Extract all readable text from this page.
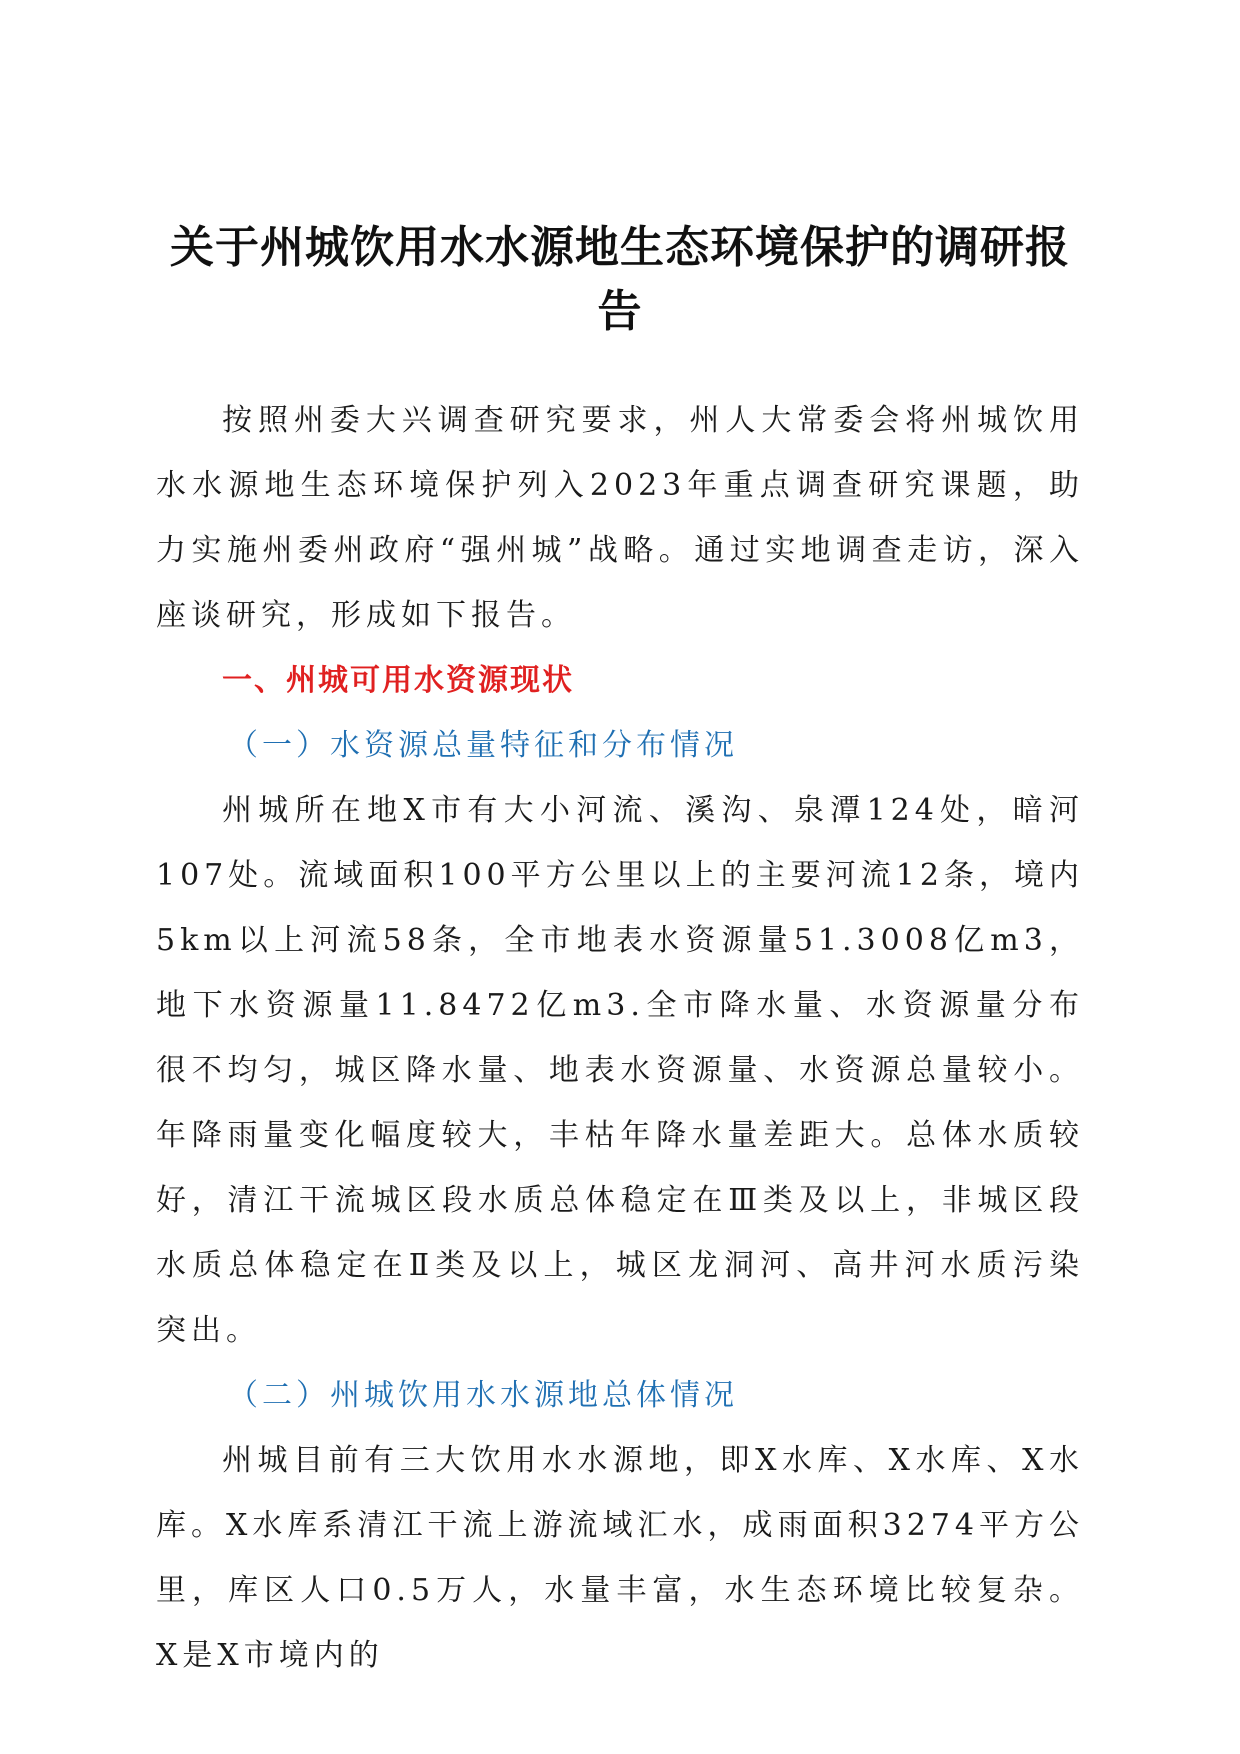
关于州城饮用水水源地生态环境保护的调研报告

按照州委大兴调查研究要求，州人大常委会将州城饮用水水源地生态环境保护列入2023年重点调查研究课题，助力实施州委州政府“强州城”战略。通过实地调查走访，深入座谈研究，形成如下报告。

一、州城可用水资源现状
（一）水资源总量特征和分布情况

州城所在地X市有大小河流、溪沟、泉潭124处，暗河107处。流域面积100平方公里以上的主要河流12条，境内5km以上河流58条，全市地表水资源量51.3008亿m3，地下水资源量11.8472亿m3.全市降水量、水资源量分布很不均匀，城区降水量、地表水资源量、水资源总量较小。年降雨量变化幅度较大，丰枯年降水量差距大。总体水质较好，清江干流城区段水质总体稳定在Ⅲ类及以上，非城区段水质总体稳定在Ⅱ类及以上，城区龙洞河、高井河水质污染突出。

（二）州城饮用水水源地总体情况

州城目前有三大饮用水水源地，即X水库、X水库、X水库。X水库系清江干流上游流域汇水，成雨面积3274平方公里，库区人口0.5万人，水量丰富，水生态环境比较复杂。X是X市境内的
